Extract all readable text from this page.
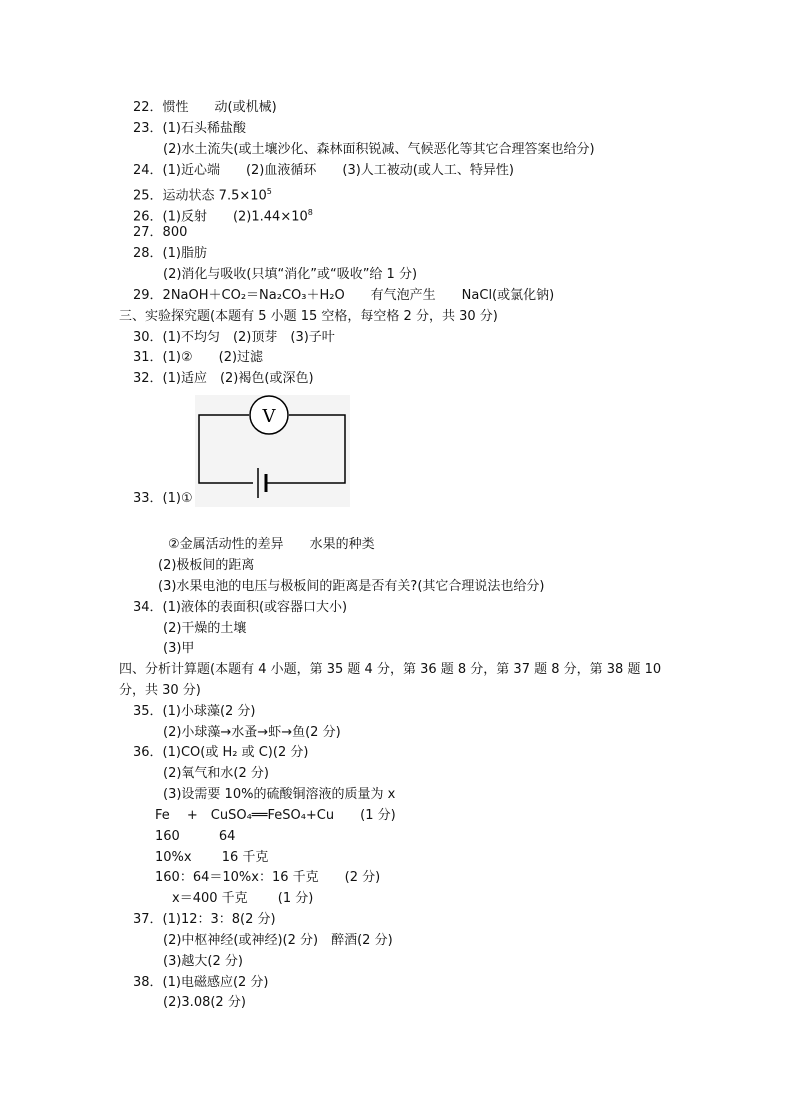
22．惯性　　动(或机械)
23．(1)石头稀盐酸
(2)水土流失(或土壤沙化、森林面积锐减、气候恶化等其它合理答案也给分)
24．(1)近心端　　(2)血液循环　　(3)人工被动(或人工、特异性)
25．运动状态 $7.5\times 10^5$
26．(1)反射　　$(2)1.44\times 10^8$
27．800
28．(1)脂肪
(2)消化与吸收(只填“消化”或“吸收”给 1 分)
29．2NaOH＋CO₂＝Na₂CO₃＋H₂O　　有气泡产生　　NaCl(或氯化钠)
三、实验探究题(本题有 5 小题 15 空格，每空格 2 分，共 30 分)
30．(1)不均匀　(2)顶芽　(3)子叶
31．(1)②　　(2)过滤
32．(1)适应　(2)褐色(或深色)
V
33．(1)①
②金属活动性的差异　　水果的种类
(2)极板间的距离
(3)水果电池的电压与极板间的距离是否有关?(其它合理说法也给分)
34．(1)液体的表面积(或容器口大小)
(2)干燥的土壤
(3)甲
四、分析计算题(本题有 4 小题，第 35 题 4 分，第 36 题 8 分，第 37 题 8 分，第 38 题 10
分，共 30 分)
35．(1)小球藻(2 分)
(2)小球藻→水蚤→虾→鱼(2 分)
36．(1)CO(或 H₂ 或 C)(2 分)
(2)氧气和水(2 分)
(3)设需要 10%的硫酸铜溶液的质量为 x
Fe　 +　CuSO₄══FeSO₄+Cu　　(1 分)
160　　　64
10%x　　 16 千克
160：64＝10%x：16 千克　　(2 分)
x＝400 千克　　 (1 分)
37．(1)12：3：8(2 分)
(2)中枢神经(或神经)(2 分)　醉酒(2 分)
(3)越大(2 分)
38．(1)电磁感应(2 分)
(2)3.08(2 分)
